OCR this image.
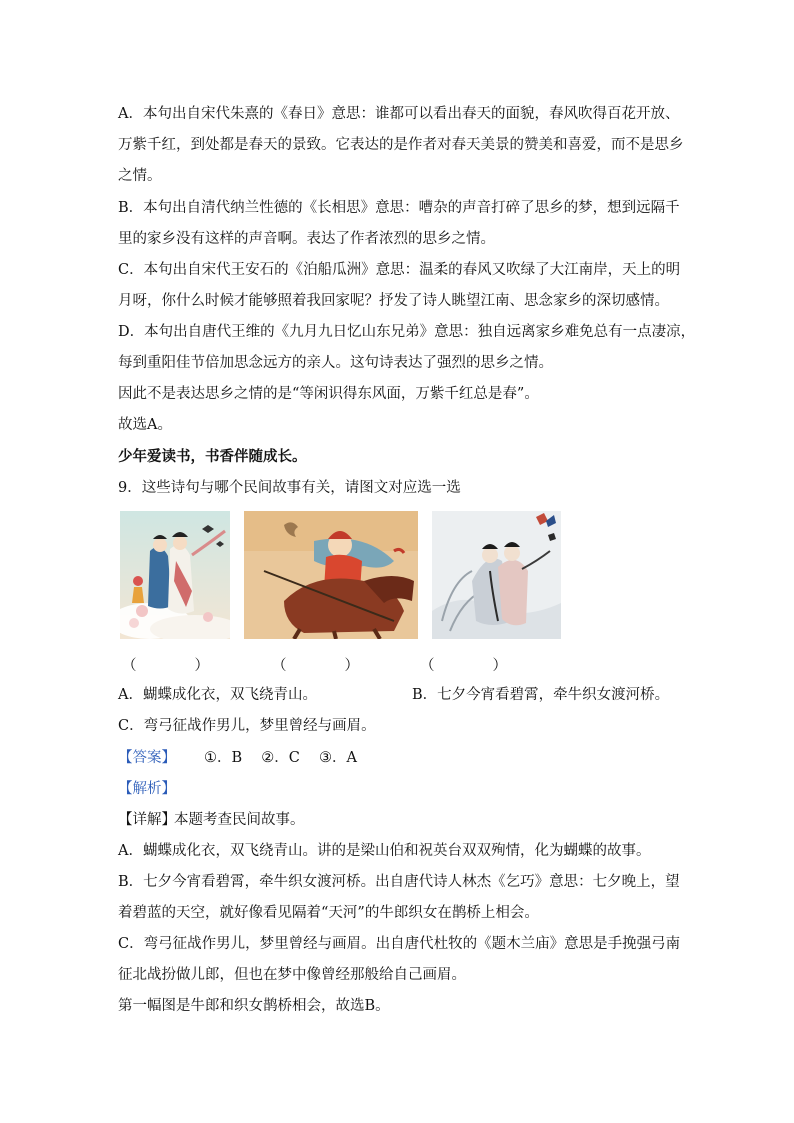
A．本句出自宋代朱熹的《春日》意思：谁都可以看出春天的面貌，春风吹得百花开放、
万紫千红，到处都是春天的景致。它表达的是作者对春天美景的赞美和喜爱，而不是思乡
之情。
B．本句出自清代纳兰性德的《长相思》意思：嘈杂的声音打碎了思乡的梦，想到远隔千
里的家乡没有这样的声音啊。表达了作者浓烈的思乡之情。
C．本句出自宋代王安石的《泊船瓜洲》意思：温柔的春风又吹绿了大江南岸，天上的明
月呀，你什么时候才能够照着我回家呢？抒发了诗人眺望江南、思念家乡的深切感情。
D．本句出自唐代王维的《九月九日忆山东兄弟》意思：独自远离家乡难免总有一点凄凉，
每到重阳佳节倍加思念远方的亲人。这句诗表达了强烈的思乡之情。
因此不是表达思乡之情的是“等闲识得东风面，万紫千红总是春”。
故选A。
少年爱读书，书香伴随成长。
9．这些诗句与哪个民间故事有关，请图文对应选一选
（　　　　）	（　　　　）	（　　　　）
A．蝴蝶成化衣，双飞绕青山。	B．七夕今宵看碧霄，牵牛织女渡河桥。
C．弯弓征战作男儿，梦里曾经与画眉。
【答案】 ①．B　 ②．C　 ③．A
【解析】
【详解】
本题考查民间故事。
A．蝴蝶成化衣，双飞绕青山。讲的是梁山伯和祝英台双双殉情，化为蝴蝶的故事。
B．七夕今宵看碧霄，牵牛织女渡河桥。出自唐代诗人林杰《乞巧》意思：七夕晚上，望
着碧蓝的天空，就好像看见隔着“天河”的牛郎织女在鹊桥上相会。
C．弯弓征战作男儿，梦里曾经与画眉。出自唐代杜牧的《题木兰庙》意思是手挽强弓南
征北战扮做儿郎，但也在梦中像曾经那般给自己画眉。
第一幅图是牛郎和织女鹊桥相会，故选B。
